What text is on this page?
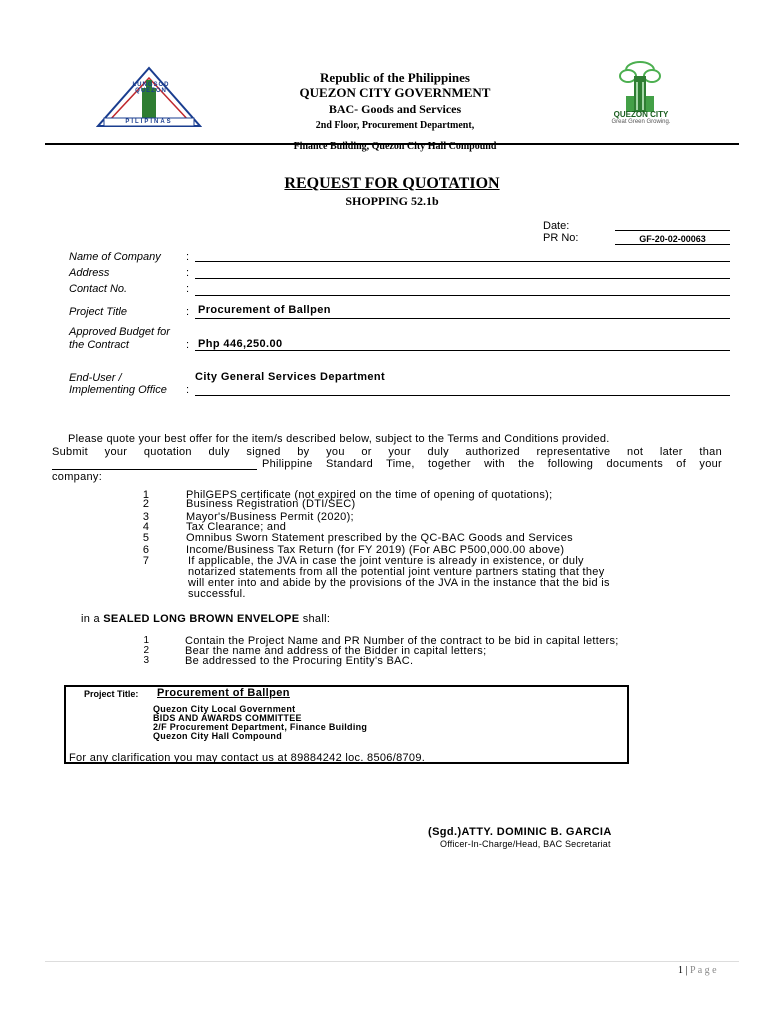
LUNGSOD QUEZON
PILIPINAS
Republic of the Philippines
QUEZON CITY GOVERNMENT
BAC- Goods and Services
2nd Floor, Procurement Department,
Finance Building, Quezon City Hall Compound
QUEZON CITY
Great Green Growing.
REQUEST FOR QUOTATION
SHOPPING 52.1b
Date:
PR No:	GF-20-02-00063
Name of Company :
Address	:
Contact No.	:
Project Title	: Procurement of Ballpen
Approved Budget for
the Contract	: Php 446,250.00
End-User /
Implementing Office :
City General Services Department
Please quote your best offer for the item/s described below, subject to the Terms and Conditions provided.
Submit your quotation duly signed by you or your duly authorized representative not later than
Philippine Standard Time, together with the following documents of your
company:
1	PhilGEPS certificate (not expired on the time of opening of quotations);
2	Business Registration (DTI/SEC)
3	Mayor's/Business Permit (2020);
4	Tax Clearance; and
5	Omnibus Sworn Statement prescribed by the QC-BAC Goods and Services
6	Income/Business Tax Return (for FY 2019) (For ABC P500,000.00 above)
7	If applicable, the JVA in case the joint venture is already in existence, or duly
notarized statements from all the potential joint venture partners stating that they
will enter into and abide by the provisions of the JVA in the instance that the bid is
successful.
in a SEALED LONG BROWN ENVELOPE shall:
1	Contain the Project Name and PR Number of the contract to be bid in capital letters;
2	Bear the name and address of the Bidder in capital letters;
3	Be addressed to the Procuring Entity's BAC.
Project Title: Procurement of Ballpen
Quezon City Local Government
BIDS AND AWARDS COMMITTEE
2/F Procurement Department, Finance Building
Quezon City Hall Compound
For any clarification you may contact us at 89884242 loc. 8506/8709.
(Sgd.)ATTY. DOMINIC B. GARCIA
Officer-In-Charge/Head, BAC Secretariat
1 | P a g e
